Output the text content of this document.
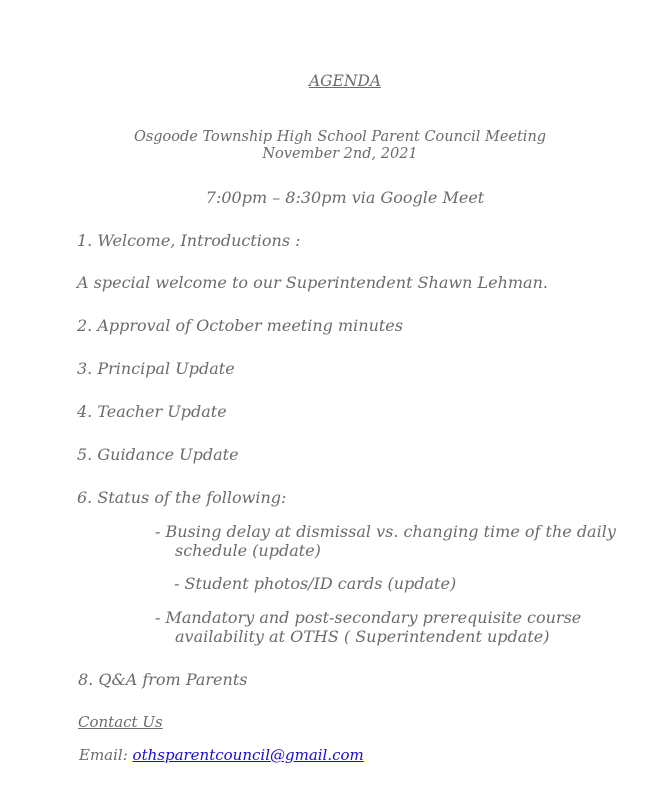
AGENDA
Osgoode Township High School Parent Council Meeting
November 2nd, 2021
7:00pm – 8:30pm via Google Meet
1. Welcome, Introductions :
A special welcome to our Superintendent Shawn Lehman.
2. Approval of October meeting minutes
3. Principal Update
4. Teacher Update
5. Guidance Update
6. Status of the following:
- Busing delay at dismissal vs. changing time of the daily
schedule (update)
- Student photos/ID cards (update)
- Mandatory and post-secondary prerequisite course
availability at OTHS ( Superintendent update)
8. Q&A from Parents
Contact Us
Email: othsparentcouncil@gmail.com
